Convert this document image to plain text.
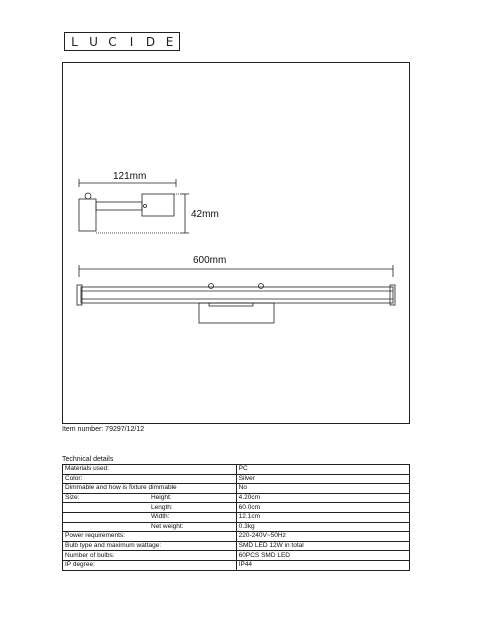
L U C	I	D E
121mm
42mm
600mm
Item number: 79297/12/12
Technical details
Materials used:	PC
Color:	Silver
Dimmable and how is fixture dimmable	No

Size: Height:	4.20cm

Length:	60.0cm

Width:	12.1cm

Net weight:	0.3kg
Power requirements:	220-240V~50Hz
Bulb type and maximum wattage:	SMD LED 12W in total
Number of bulbs:	60PCS SMD LED
IP degree:	IP44
